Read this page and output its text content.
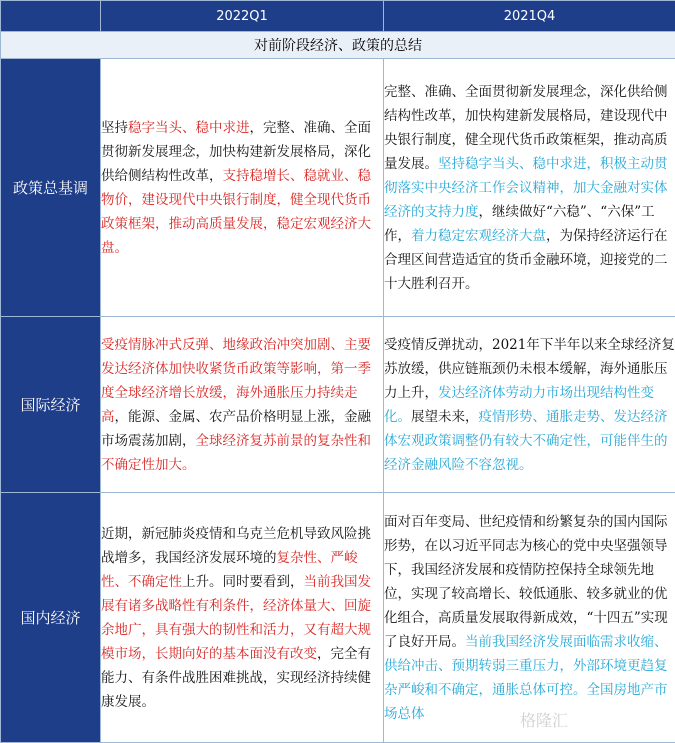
	2022Q1	2021Q4
对前阶段经济、政策的总结		
政策总基调	坚持稳字当头、稳中求进，完整、准确、全面贯彻新发展理念，加快构建新发展格局，深化供给侧结构性改革，支持稳增长、稳就业、稳物价，建设现代中央银行制度，健全现代货币政策框架，推动高质量发展，稳定宏观经济大盘。	完整、准确、全面贯彻新发展理念，深化供给侧结构性改革，加快构建新发展格局，建设现代中央银行制度，健全现代货币政策框架，推动高质量发展。坚持稳字当头、稳中求进，积极主动贯彻落实中央经济工作会议精神，加大金融对实体经济的支持力度，继续做好“六稳”、“六保”工作，着力稳定宏观经济大盘，为保持经济运行在合理区间营造适宜的货币金融环境，迎接党的二十大胜利召开。
国际经济	受疫情脉冲式反弹、地缘政治冲突加剧、主要发达经济体加快收紧货币政策等影响，第一季度全球经济增长放缓，海外通胀压力持续走高，能源、金属、农产品价格明显上涨，金融市场震荡加剧，全球经济复苏前景的复杂性和不确定性加大。	受疫情反弹扰动，2021年下半年以来全球经济复苏放缓，供应链瓶颈仍未根本缓解，海外通胀压力上升，发达经济体劳动力市场出现结构性变化。展望未来，疫情形势、通胀走势、发达经济体宏观政策调整仍有较大不确定性，可能伴生的经济金融风险不容忽视。
国内经济	近期，新冠肺炎疫情和乌克兰危机导致风险挑战增多，我国经济发展环境的复杂性、严峻性、不确定性上升。同时要看到，当前我国发展有诸多战略性有利条件，经济体量大、回旋余地广，具有强大的韧性和活力，又有超大规模市场，长期向好的基本面没有改变，完全有能力、有条件战胜困难挑战，实现经济持续健康发展。	面对百年变局、世纪疫情和纷繁复杂的国内国际形势，在以习近平同志为核心的党中央坚强领导下，我国经济发展和疫情防控保持全球领先地位，实现了较高增长、较低通胀、较多就业的优化组合，高质量发展取得新成效，“十四五”实现了良好开局。当前我国经济发展面临需求收缩、供给冲击、预期转弱三重压力，外部环境更趋复杂严峻和不确定，通胀总体可控。全国房地产市场总体	格隆汇
